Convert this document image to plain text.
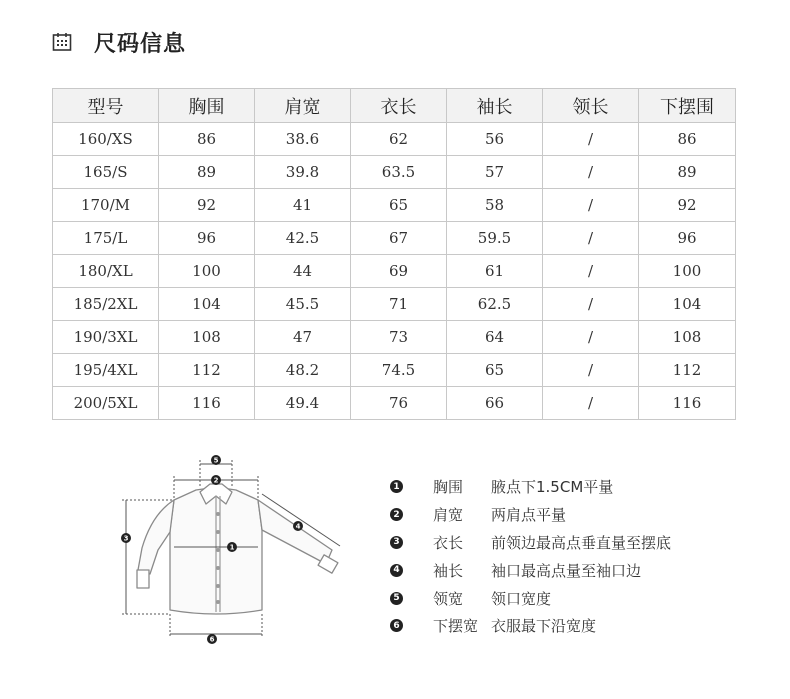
尺码信息
型号	胸围	肩宽	衣长	袖长	领长	下摆围
160/XS	86	38.6	62	56	/	86
165/S	89	39.8	63.5	57	/	89
170/M	92	41	65	58	/	92
175/L	96	42.5	67	59.5	/	96
180/XL	100	44	69	61	/	100
185/2XL	104	45.5	71	62.5	/	104
190/3XL	108	47	73	64	/	108
195/4XL	112	48.2	74.5	65	/	112
200/5XL	116	49.4	76	66	/	116
5
2
3
1
4
6
1 胸围	腋点下1.5CM平量
2 肩宽	两肩点平量
3 衣长	前领边最高点垂直量至摆底
4 袖长	袖口最高点量至袖口边
5 领宽	领口宽度
6 下摆宽 衣服最下沿宽度
